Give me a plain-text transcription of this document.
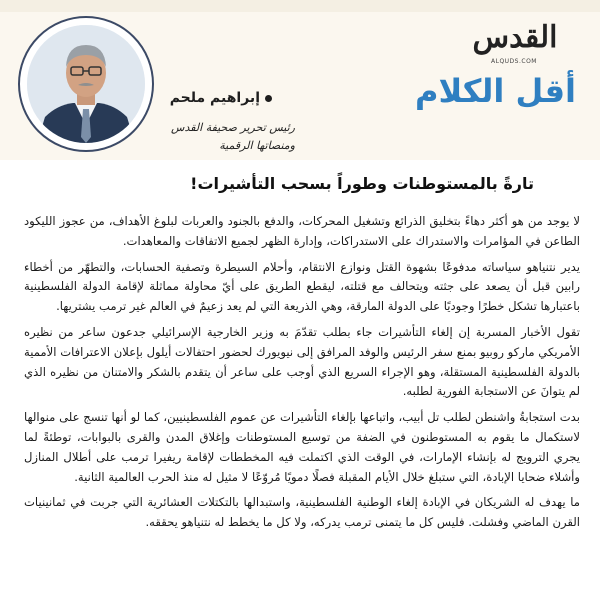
القدس
ALQUDS.COM
أقل الكلام
إبراهيم ملحم
رئيس تحرير صحيفة القدس ومنصاتها الرقمية
تارةً بالمستوطنات وطوراً بسحب التأشيرات!

لا يوجد من هو أكثر دهاءً بتخليق الذرائع وتشغيل المحركات، والدفع بالجنود والعربات لبلوغ الأهداف، من عجوز الليكود الطاعن في المؤامرات والاستدراك على الاستدراكات، وإدارة الظهر لجميع الاتفاقات والمعاهدات.

يدير نتنياهو سياساته مدفوعًا بشهوة القتل ونوازع الانتقام، وأحلام السيطرة وتصفية الحسابات، والتطهّر من أخطاء رابين قبل أن يصعد على جثته ويتحالف مع قتلته، ليقطع الطريق على أيّ محاولة مماثلة لإقامة الدولة الفلسطينية باعتبارها تشكل خطرًا وجوديًا على الدولة المارقة، وهي الذريعة التي لم يعد زعيمٌ في العالم غير ترمب يشتريها.

تقول الأخبار المسربة إن إلغاء التأشيرات جاء بطلب تقدّمَ به وزير الخارجية الإسرائيلي جدعون ساعر من نظيره الأمريكي ماركو روبيو بمنع سفر الرئيس والوفد المرافق إلى نيويورك لحضور احتفالات أيلول بإعلان الاعترافات الأممية بالدولة الفلسطينية المستقلة، وهو الإجراء السريع الذي أوجب على ساعر أن يتقدم بالشكر والامتنان من نظيره الذي لم يتوانَ عن الاستجابة الفورية لطلبه.

بدت استجابةُ واشنطن لطلب تل أبيب، واتباعها بإلغاء التأشيرات عن عموم الفلسطينيين، كما لو أنها تنسج على منوالها لاستكمال ما يقوم به المستوطنون في الضفة من توسيع المستوطنات وإغلاق المدن والقرى بالبوابات، توطئةً لما يجري الترويج له بإنشاء الإمارات، في الوقت الذي اكتملت فيه المخططات لإقامة ريفيرا ترمب على أطلال المنازل وأشلاء ضحايا الإبادة، التي ستبلغ خلال الأيام المقبلة فصلًا دمويًا مُروّعًا لا مثيل له منذ الحرب العالمية الثانية.

ما يهدف له الشريكان في الإبادة إلغاء الوطنية الفلسطينية، واستبدالها بالتكتلات العشائرية التي جربت في ثمانينيات القرن الماضي وفشلت. فليس كل ما يتمنى ترمب يدركه، ولا كل ما يخطط له نتنياهو يحققه.
